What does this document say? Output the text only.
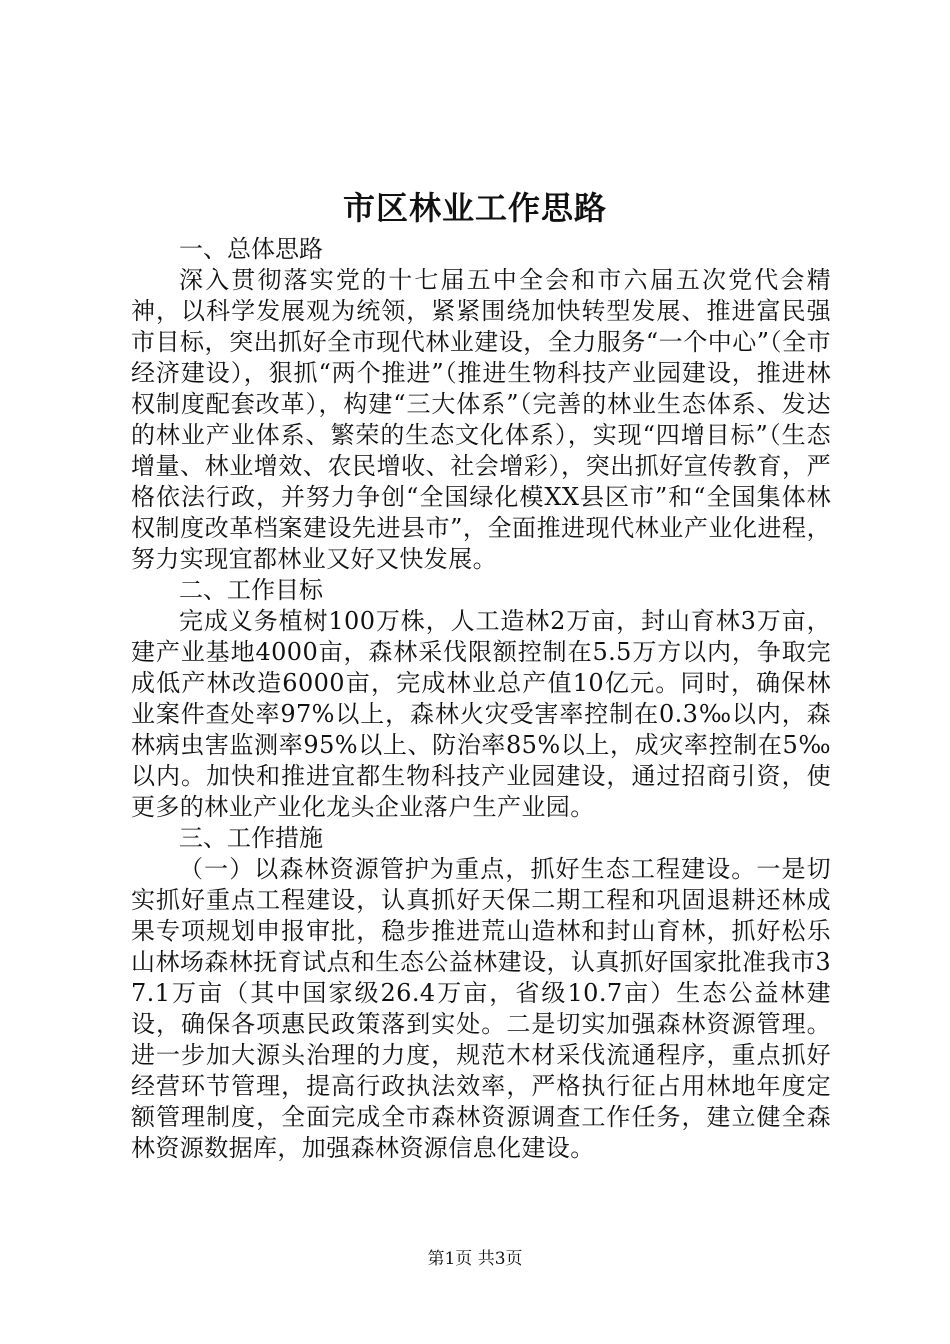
市区林业工作思路

一、总体思路

深入贯彻落实党的十七届五中全会和市六届五次党代会精神，以科学发展观为统领，紧紧围绕加快转型发展、推进富民强市目标，突出抓好全市现代林业建设，全力服务“一个中心”（全市经济建设），狠抓“两个推进”（推进生物科技产业园建设，推进林权制度配套改革），构建“三大体系”（完善的林业生态体系、发达的林业产业体系、繁荣的生态文化体系），实现“四增目标”（生态增量、林业增效、农民增收、社会增彩），突出抓好宣传教育，严格依法行政，并努力争创“全国绿化模XX县区市”和“全国集体林权制度改革档案建设先进县市”，全面推进现代林业产业化进程，努力实现宜都林业又好又快发展。

二、工作目标

完成义务植树100万株，人工造林2万亩，封山育林3万亩，建产业基地4000亩，森林采伐限额控制在5.5万方以内，争取完成低产林改造6000亩，完成林业总产值10亿元。同时，确保林业案件查处率97%以上，森林火灾受害率控制在0.3‰以内，森林病虫害监测率95%以上、防治率85%以上，成灾率控制在5‰以内。加快和推进宜都生物科技产业园建设，通过招商引资，使更多的林业产业化龙头企业落户生产业园。

三、工作措施

（一）以森林资源管护为重点，抓好生态工程建设。一是切实抓好重点工程建设，认真抓好天保二期工程和巩固退耕还林成果专项规划申报审批，稳步推进荒山造林和封山育林，抓好松乐山林场森林抚育试点和生态公益林建设，认真抓好国家批准我市37.1万亩（其中国家级26.4万亩，省级10.7亩）生态公益林建设，确保各项惠民政策落到实处。二是切实加强森林资源管理。进一步加大源头治理的力度，规范木材采伐流通程序，重点抓好经营环节管理，提高行政执法效率，严格执行征占用林地年度定额管理制度，全面完成全市森林资源调查工作任务，建立健全森林资源数据库，加强森林资源信息化建设。

第1页 共3页
